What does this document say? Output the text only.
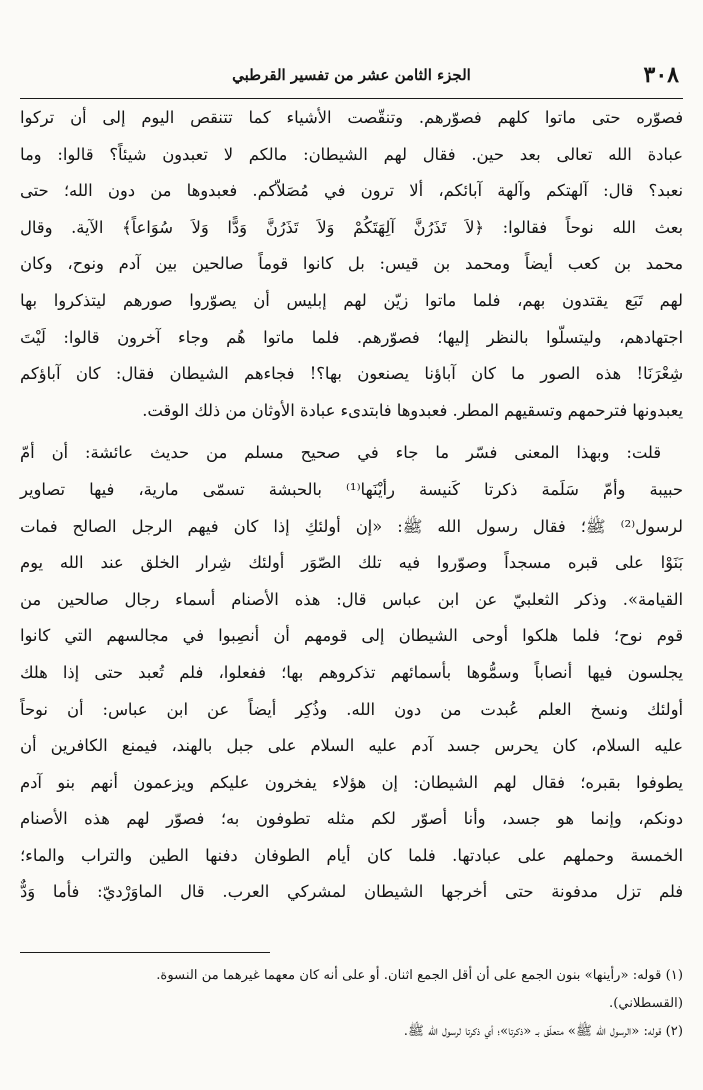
٣٠٨
الجزء الثامن عشر من تفسير القرطبي

فصوّره حتى ماتوا كلهم فصوّرهم. وتنقّصت الأشياء كما تتنقص اليوم إلى أن تركوا

عبادة الله تعالى بعد حين. فقال لهم الشيطان: مالكم لا تعبدون شيئاً؟ قالوا: وما

نعبد؟ قال: آلهتكم وآلهة آبائكم، ألا ترون في مُصَلاّكم. فعبدوها من دون الله؛ حتى

بعث الله نوحاً فقالوا: ﴿لاَ تَذَرُنَّ آلِهَتَكُمْ وَلاَ تَذَرُنَّ وَدًّا وَلاَ سُوَاعاً﴾ الآية. وقال

محمد بن كعب أيضاً ومحمد بن قيس: بل كانوا قوماً صالحين بين آدم ونوح، وكان

لهم تَبَع يقتدون بهم، فلما ماتوا زيّن لهم إبليس أن يصوّروا صورهم ليتذكروا بها

اجتهادهم، وليتسلّوا بالنظر إليها؛ فصوّرهم. فلما ماتوا هُم وجاء آخرون قالوا: لَيْتَ

شِعْرَنَا! هذه الصور ما كان آباؤنا يصنعون بها؟! فجاءهم الشيطان فقال: كان آباؤكم

يعبدونها فترحمهم وتسقيهم المطر. فعبدوها فابتدىء عبادة الأوثان من ذلك الوقت.

قلت: وبهذا المعنى فسّر ما جاء في صحيح مسلم من حديث عائشة: أن أمّ

حبيبة وأمّ سَلَمة ذكرتا كَنيسة رأيْنَها⁽¹⁾ بالحبشة تسمّى مارية، فيها تصاوير

لرسول⁽²⁾ ﷺ؛ فقال رسول الله ﷺ: «إن أولئكِ إذا كان فيهم الرجل الصالح فمات

بَنَوْا على قبره مسجداً وصوّروا فيه تلك الصّوَر أولئك شِرار الخلق عند الله يوم

القيامة». وذكر الثعلبيّ عن ابن عباس قال: هذه الأصنام أسماء رجال صالحين من

قوم نوح؛ فلما هلكوا أوحى الشيطان إلى قومهم أن أنصِبوا في مجالسهم التي كانوا

يجلسون فيها أنصاباً وسمُّوها بأسمائهم تذكروهم بها؛ ففعلوا، فلم تُعبد حتى إذا هلك

أولئك ونسخ العلم عُبدت من دون الله. وذُكِر أيضاً عن ابن عباس: أن نوحاً

عليه السلام، كان يحرس جسد آدم عليه السلام على جبل بالهند، فيمنع الكافرين أن

يطوفوا بقبره؛ فقال لهم الشيطان: إن هؤلاء يفخرون عليكم ويزعمون أنهم بنو آدم

دونكم، وإنما هو جسد، وأنا أصوّر لكم مثله تطوفون به؛ فصوّر لهم هذه الأصنام

الخمسة وحملهم على عبادتها. فلما كان أيام الطوفان دفنها الطين والتراب والماء؛

فلم تزل مدفونة حتى أخرجها الشيطان لمشركي العرب. قال الماوَرْديّ: فأما وَدٌّ

(١) قوله: «رأينها» بنون الجمع على أن أقل الجمع اثنان. أو على أنه كان معهما غيرهما من النسوة.

(القسطلاني).

(٢) قوله: «الرسول الله ﷺ» متعلّق بـ «ذكرتا»؛ أي ذكرتا لرسول الله ﷺ.
